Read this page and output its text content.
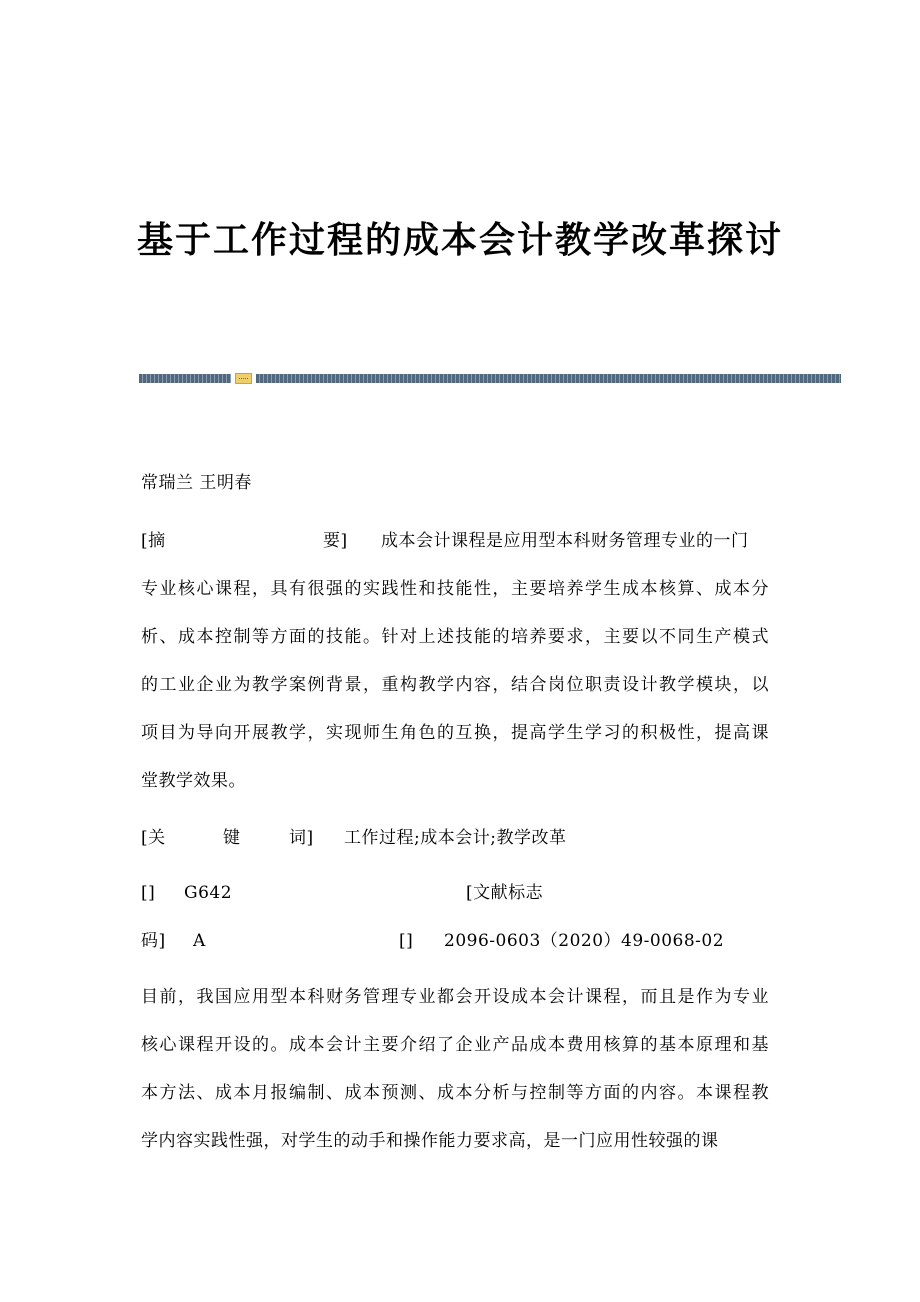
基于工作过程的成本会计教学改革探讨
常瑞兰 王明春
[摘	要] 成本会计课程是应用型本科财务管理专业的一门
专业核心课程，具有很强的实践性和技能性，主要培养学生成本核算、成本分
析、成本控制等方面的技能。针对上述技能的培养要求，主要以不同生产模式
的工业企业为教学案例背景，重构教学内容，结合岗位职责设计教学模块，以
项目为导向开展教学，实现师生角色的互换，提高学生学习的积极性，提高课
堂教学效果。
[关	键	词] 工作过程;成本会计;教学改革
[] G642	[文献标志
码] A	[] 2096-0603（2020）49-0068-02
目前，我国应用型本科财务管理专业都会开设成本会计课程，而且是作为专业
核心课程开设的。成本会计主要介绍了企业产品成本费用核算的基本原理和基
本方法、成本月报编制、成本预测、成本分析与控制等方面的内容。本课程教
学内容实践性强，对学生的动手和操作能力要求高，是一门应用性较强的课
